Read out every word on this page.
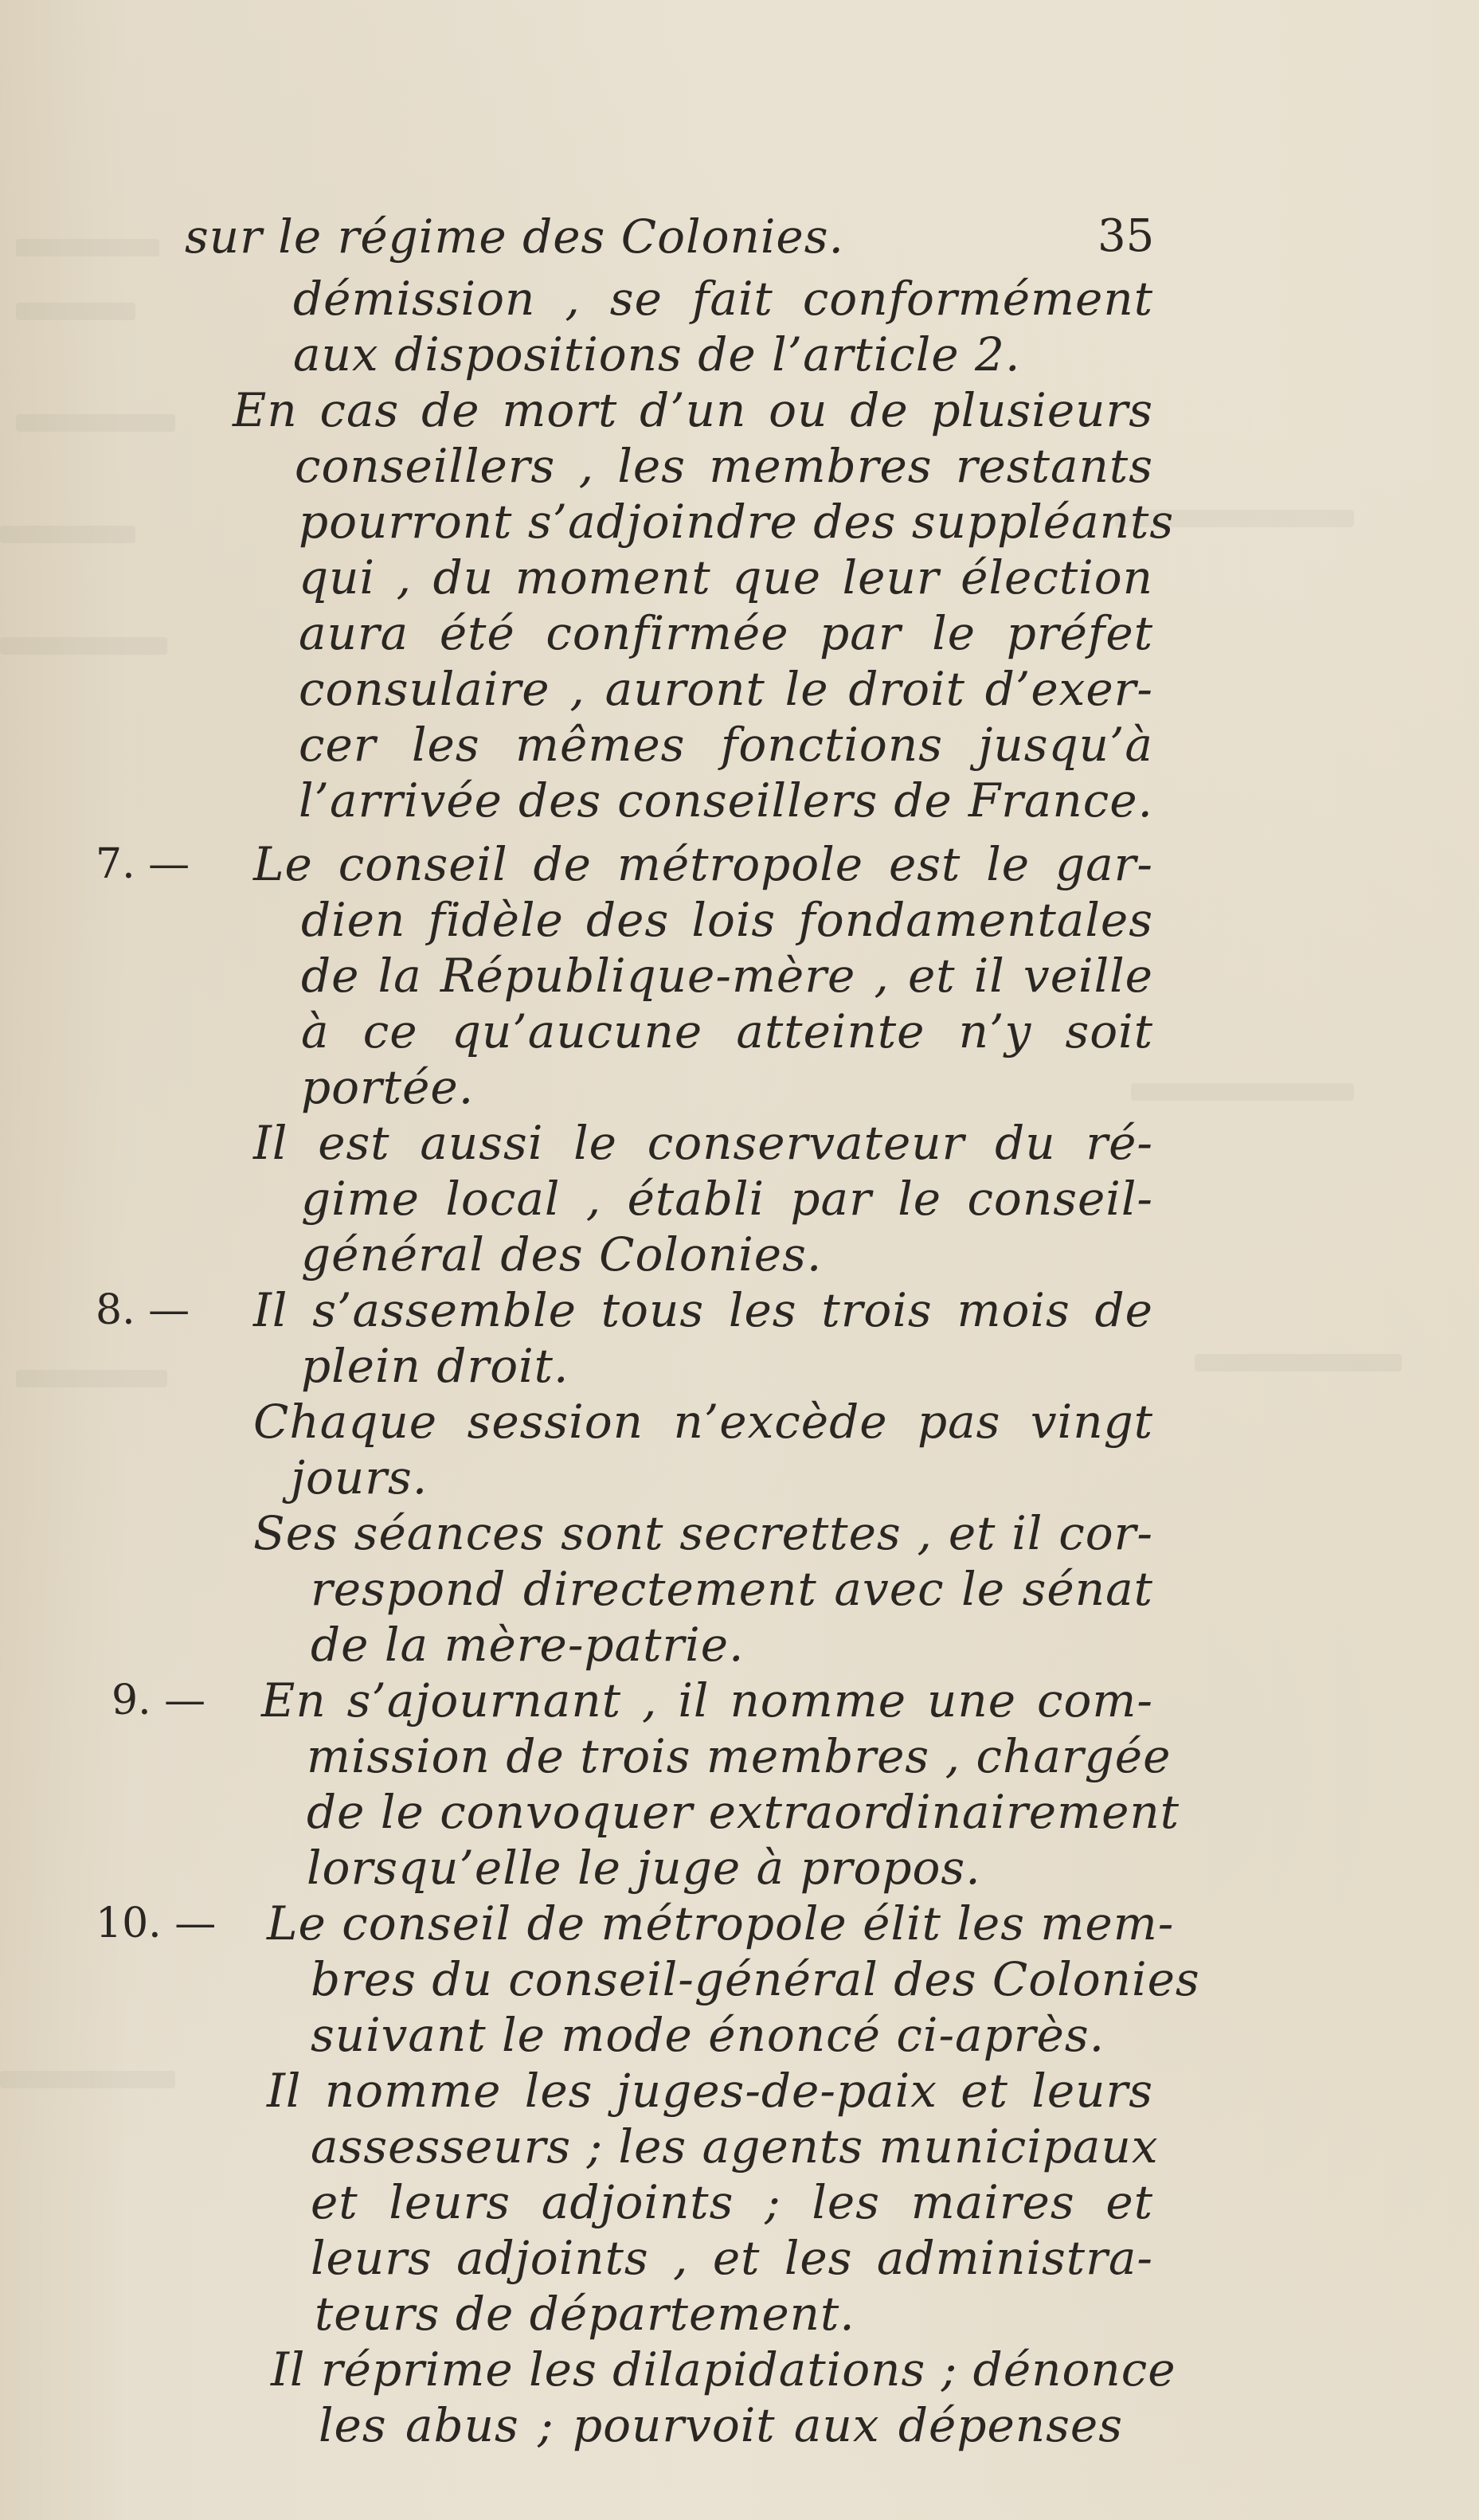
sur le régime des Colonies.	35
démission , se fait conformément
aux dispositions de l’article 2.
En cas de mort d’un ou de plusieurs
conseillers , les membres restants
pourront s’adjoindre des suppléants
qui , du moment que leur élection
aura été confirmée par le préfet
consulaire , auront le droit d’exer-
cer les mêmes fonctions jusqu’à
l’arrivée des conseillers de France.
7. — Le conseil de métropole est le gar-
dien fidèle des lois fondamentales
de la République-mère , et il veille
à ce qu’aucune atteinte n’y soit
portée.
Il est aussi le conservateur du ré-
gime local , établi par le conseil-
général des Colonies.
8. — Il s’assemble tous les trois mois de
plein droit.
Chaque session n’excède pas vingt
jours.
Ses séances sont secrettes , et il cor-
respond directement avec le sénat
de la mère-patrie.
9. — En s’ajournant , il nomme une com-
mission de trois membres , chargée
de le convoquer extraordinairement
lorsqu’elle le juge à propos.
10. — Le conseil de métropole élit les mem-
bres du conseil-général des Colonies
suivant le mode énoncé ci-après.
Il nomme les juges-de-paix et leurs
assesseurs ; les agents municipaux
et leurs adjoints ; les maires et
leurs adjoints , et les administra-
teurs de département.
Il réprime les dilapidations ; dénonce
les abus ; pourvoit aux dépenses
